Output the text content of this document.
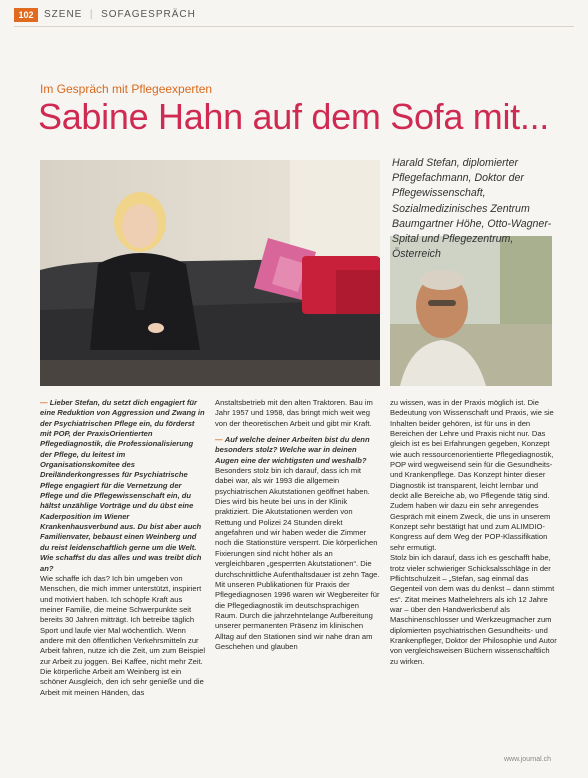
102	SZENE  |  SOFAGESPRÄCH
Im Gespräch mit Pflegeexperten
Sabine Hahn auf dem Sofa mit...
Harald Stefan, diplomierter Pflegefachmann, Doktor der Pflegewissenschaft, Sozialmedizinisches Zentrum Baumgartner Höhe, Otto-Wagner-Spital und Pflegezentrum, Österreich

— Lieber Stefan, du setzt dich engagiert für eine Reduktion von Aggression und Zwang in der Psychiatrischen Pflege ein, du förderst mit POP, der PraxisOrientierten Pflegediagnostik, die Professionalisierung der Pflege, du leitest im Organisationskomitee des Dreiländerkongresses für Psychiatrische Pflege engagiert für die Vernetzung der Pflege und die Pflegewissenschaft ein, du hältst unzählige Vorträge und du übst eine Kaderposition im Wiener Krankenhausverbund aus. Du bist aber auch Familienvater, bebaust einen Weinberg und du reist leidenschaftlich gerne um die Welt. Wie schaffst du das alles und was treibt dich an?

Wie schaffe ich das? Ich bin umgeben von Menschen, die mich immer unterstützt, inspiriert und motiviert haben. Ich schöpfe Kraft aus meiner Familie, die meine Schwerpunkte seit bereits 30 Jahren mitträgt. Ich betreibe täglich Sport und laufe vier Mal wöchentlich. Wenn andere mit den öffentlichen Verkehrsmitteln zur Arbeit fahren, nutze ich die Zeit, um zum Beispiel zur Arbeit zu joggen. Bei Kaffee, nicht mehr Zeit. Die körperliche Arbeit am Weinberg ist ein schöner Ausgleich, den ich sehr genieße und die Arbeit mit meinen Händen, das

Anstaltsbetrieb mit den alten Traktoren. Bau im Jahr 1957 und 1958, das bringt mich weit weg von der theoretischen Arbeit und gibt mir Kraft.

— Auf welche deiner Arbeiten bist du denn besonders stolz? Welche war in deinen Augen eine der wichtigsten und weshalb?

Besonders stolz bin ich darauf, dass ich mit dabei war, als wir 1993 die allgemein psychiatrischen Akutstationen geöffnet haben. Dies wird bis heute bei uns in der Klinik praktiziert. Die Akutstationen werden von Rettung und Polizei 24 Stunden direkt angefahren und wir haben weder die Zimmer noch die Stationstüre versperrt. Die körperlichen Fixierungen sind nicht höher als an vergleichbaren „gesperrten Akutstationen“. Die durchschnittliche Aufenthaltsdauer ist zehn Tage. Mit unseren Publikationen für Praxis der Pflegediagnosen 1996 waren wir Wegbereiter für die Pflegediagnostik im deutschsprachigen Raum. Durch die jahrzehntelange Aufbereitung unserer permanenten Präsenz im klinischen Alltag auf den Stationen sind wir nahe dran am Geschehen und glauben

zu wissen, was in der Praxis möglich ist. Die Bedeutung von Wissenschaft und Praxis, wie sie Inhalten beider gehören, ist für uns in den Bereichen der Lehre und Praxis nicht nur. Das gleich ist es bei Erfahrungen gegeben, Konzept wie auch ressourcenorientierte Pflegediagnostik, POP wird wegweisend sein für die Gesundheits- und Krankenpflege. Das Konzept hinter dieser Diagnostik ist transparent, leicht lernbar und deckt alle Bereiche ab, wo Pflegende tätig sind. Zudem haben wir dazu ein sehr anregendes Gespräch mit einem Zweck, die uns in unserem Konzept sehr bestätigt hat und zum ALIMDIO-Kongress auf dem Weg der POP-Klassifikation sehr ermutigt.

Stolz bin ich darauf, dass ich es geschafft habe, trotz vieler schwieriger Schicksalsschläge in der Pflichtschulzeit – „Stefan, sag einmal das Gegenteil von dem was du denkst – dann stimmt es“. Zitat meines Mathelehrers als ich 12 Jahre war – über den Handwerksberuf als Maschinenschlosser und Werkzeugmacher zum diplomierten psychiatrischen Gesundheits- und Krankenpfleger, Doktor der Philosophie und Autor von vergleichsweisen Büchern wissenschaftlich zu wirken.

www.journal.ch
